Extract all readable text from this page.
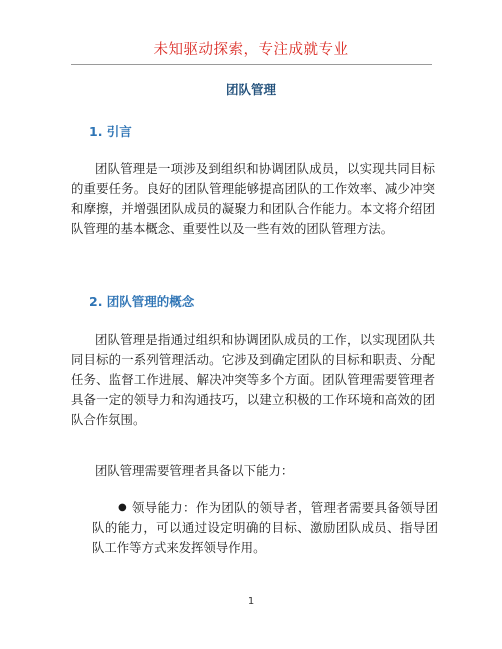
未知驱动探索，专注成就专业
团队管理
1. 引言
团队管理是一项涉及到组织和协调团队成员，以实现共同目标的重要任务。良好的团队管理能够提高团队的工作效率、减少冲突和摩擦，并增强团队成员的凝聚力和团队合作能力。本文将介绍团队管理的基本概念、重要性以及一些有效的团队管理方法。
2. 团队管理的概念
团队管理是指通过组织和协调团队成员的工作，以实现团队共同目标的一系列管理活动。它涉及到确定团队的目标和职责、分配任务、监督工作进展、解决冲突等多个方面。团队管理需要管理者具备一定的领导力和沟通技巧，以建立积极的工作环境和高效的团队合作氛围。
团队管理需要管理者具备以下能力：
● 领导能力：作为团队的领导者，管理者需要具备领导团队的能力，可以通过设定明确的目标、激励团队成员、指导团队工作等方式来发挥领导作用。
1
